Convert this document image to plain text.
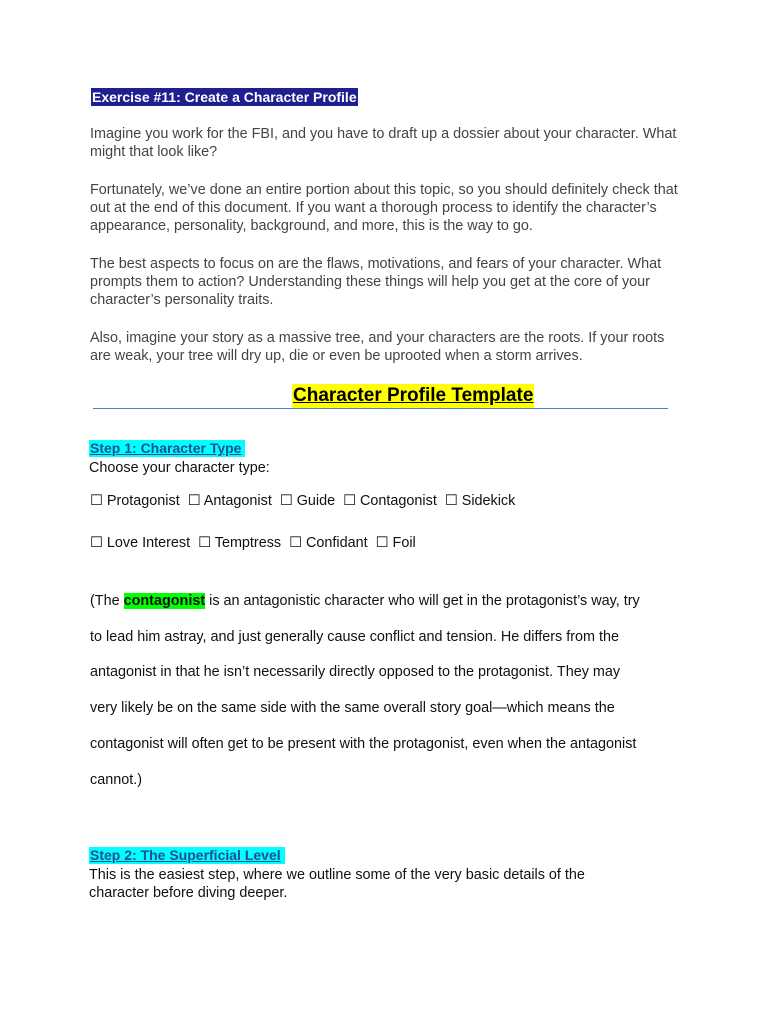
Exercise #11: Create a Character Profile

Imagine you work for the FBI, and you have to draft up a dossier about your character. What might that look like?

Fortunately, we’ve done an entire portion about this topic, so you should definitely check that out at the end of this document. If you want a thorough process to identify the character’s appearance, personality, background, and more, this is the way to go.

The best aspects to focus on are the flaws, motivations, and fears of your character. What prompts them to action? Understanding these things will help you get at the core of your character’s personality traits.

Also, imagine your story as a massive tree, and your characters are the roots. If your roots are weak, your tree will dry up, die or even be uprooted when a storm arrives.

Character Profile Template
Step 1: Character Type
Choose your character type:
☐ Protagonist ☐ Antagonist ☐ Guide ☐ Contagonist ☐ Sidekick
☐ Love Interest ☐ Temptress ☐ Confidant ☐ Foil
(The contagonist is an antagonistic character who will get in the protagonist’s way, try
to lead him astray, and just generally cause conflict and tension. He differs from the
antagonist in that he isn’t necessarily directly opposed to the protagonist. They may
very likely be on the same side with the same overall story goal—which means the
contagonist will often get to be present with the protagonist, even when the antagonist
cannot.)
Step 2: The Superficial Level
This is the easiest step, where we outline some of the very basic details of the character before diving deeper.
